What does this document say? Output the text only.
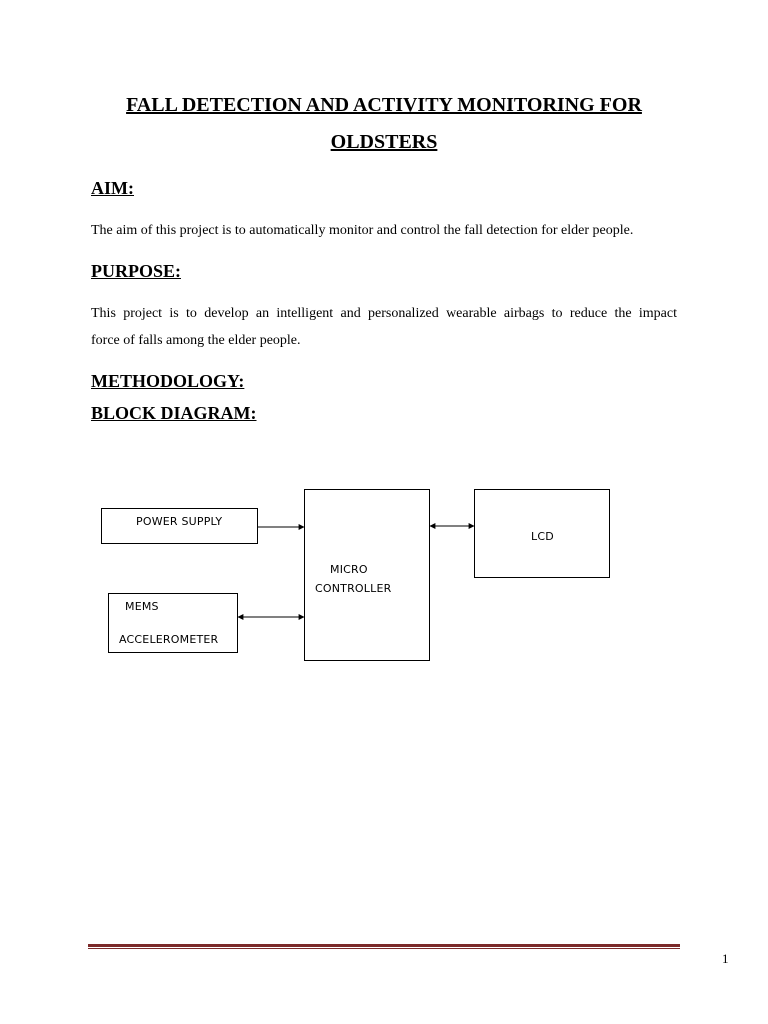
FALL DETECTION AND ACTIVITY MONITORING FOR
OLDSTERS
AIM:

The aim of this project is to automatically monitor and control the fall detection for elder people.

PURPOSE:

This project is to develop an intelligent and personalized wearable airbags to reduce the impact

force of falls among the elder people.

METHODOLOGY:
BLOCK DIAGRAM:
POWER SUPPLY
MEMS
ACCELEROMETER
MICRO
CONTROLLER
LCD
1
